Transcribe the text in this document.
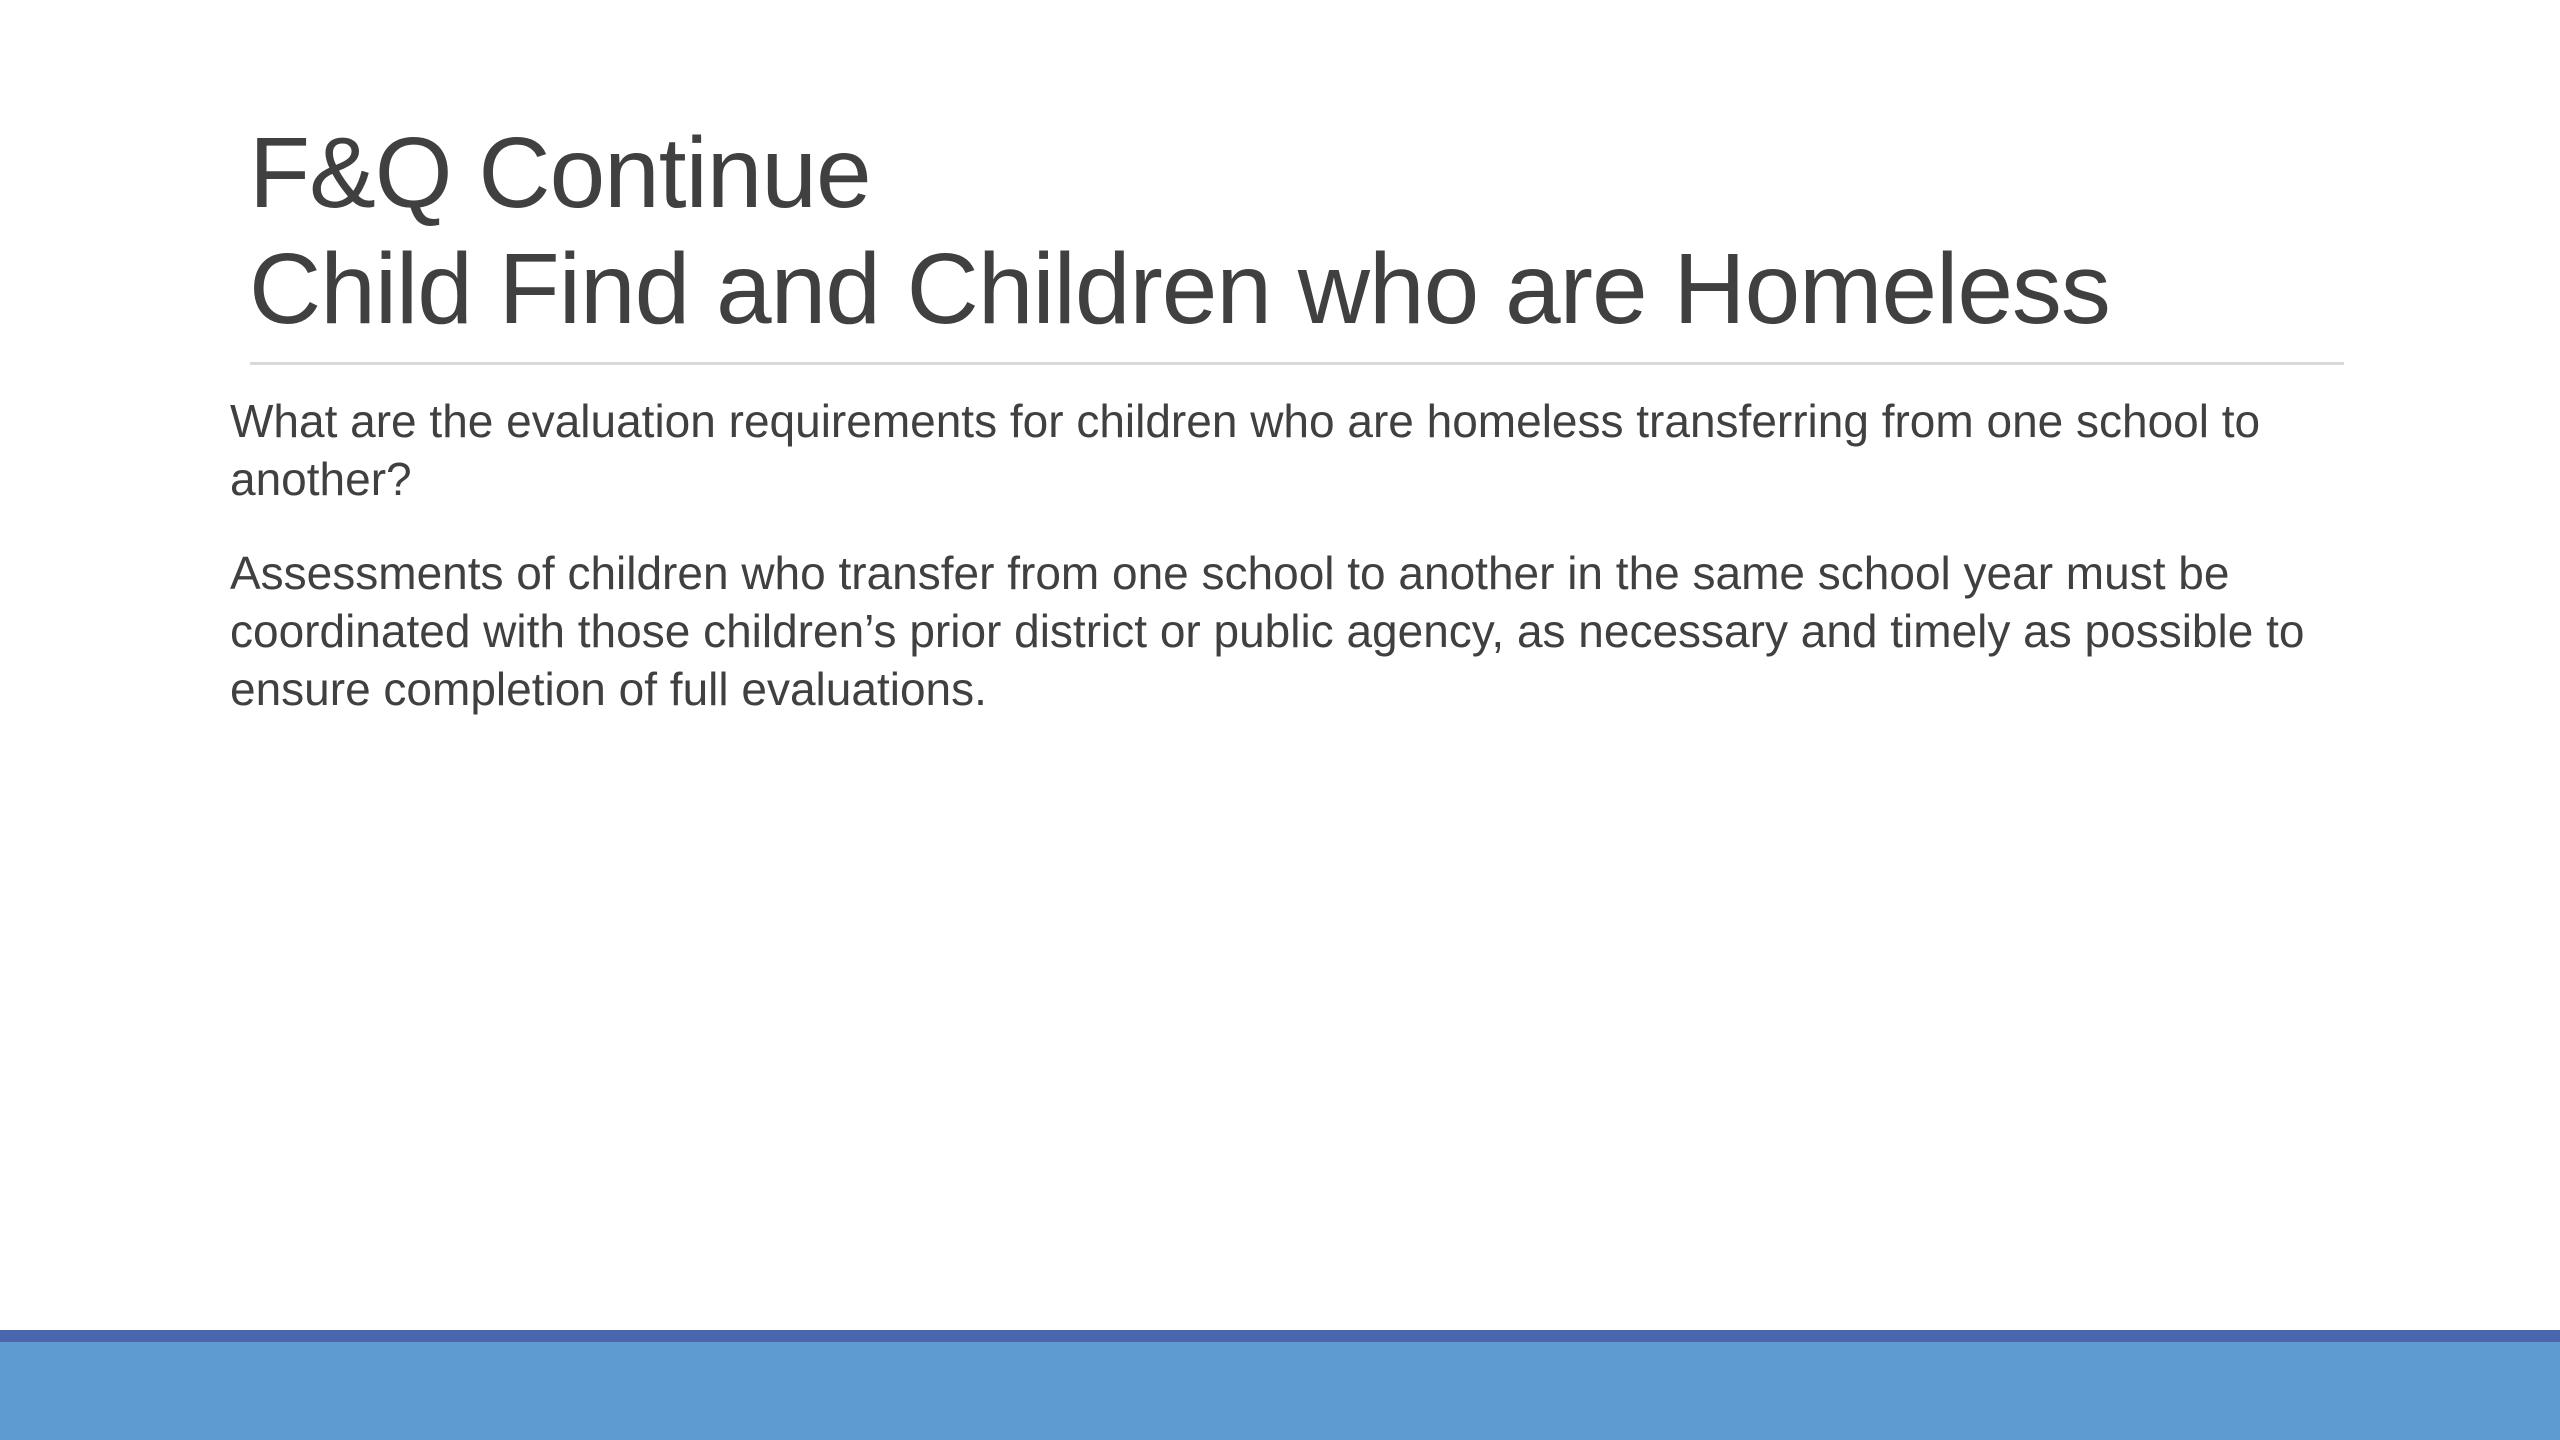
F&Q Continue
Child Find and Children who are Homeless

What are the evaluation requirements for children who are homeless transferring from one school to another?

Assessments of children who transfer from one school to another in the same school year must be coordinated with those children’s prior district or public agency, as necessary and timely as possible to ensure completion of full evaluations.
